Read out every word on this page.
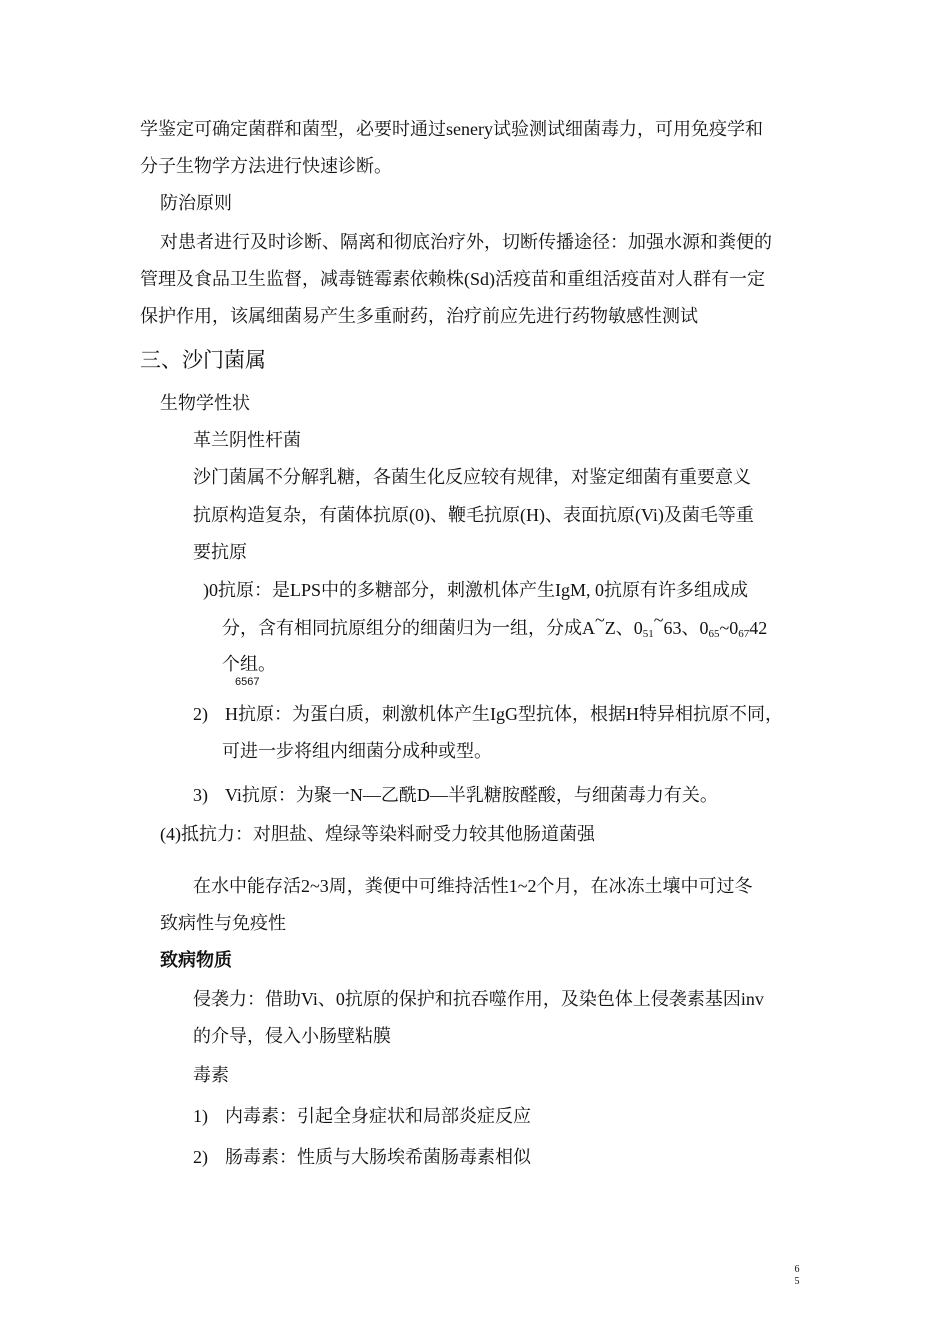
学鉴定可确定菌群和菌型，必要时通过senery试验测试细菌毒力，可用免疫学和
分子生物学方法进行快速诊断。
防治原则
对患者进行及时诊断、隔离和彻底治疗外，切断传播途径：加强水源和粪便的
管理及食品卫生监督，减毒链霉素依赖株(Sd)活疫苗和重组活疫苗对人群有一定
保护作用，该属细菌易产生多重耐药，治疗前应先进行药物敏感性测试
三、沙门菌属
生物学性状
革兰阴性杆菌
沙门菌属不分解乳糖，各菌生化反应较有规律，对鉴定细菌有重要意义
抗原构造复杂，有菌体抗原(0)、鞭毛抗原(H)、表面抗原(Vi)及菌毛等重
要抗原
)0抗原：是LPS中的多糖部分，刺激机体产生IgM, 0抗原有许多组成成
分，含有相同抗原组分的细菌归为一组，分成A~Z、$0_{51}\sim 63$、$0_{65}\sim 0_{67}42$
个组。
6567
2) H抗原：为蛋白质，刺激机体产生IgG型抗体，根据H特异相抗原不同，
可进一步将组内细菌分成种或型。
3) Vi抗原：为聚一N—乙酰D—半乳糖胺醛酸，与细菌毒力有关。
(4)抵抗力：对胆盐、煌绿等染料耐受力较其他肠道菌强
在水中能存活2~3周，粪便中可维持活性1~2个月，在冰冻土壤中可过冬
致病性与免疫性
致病物质
侵袭力：借助Vi、0抗原的保护和抗吞噬作用，及染色体上侵袭素基因inv
的介导，侵入小肠壁粘膜
毒素
1) 内毒素：引起全身症状和局部炎症反应
2) 肠毒素：性质与大肠埃希菌肠毒素相似
6
5
